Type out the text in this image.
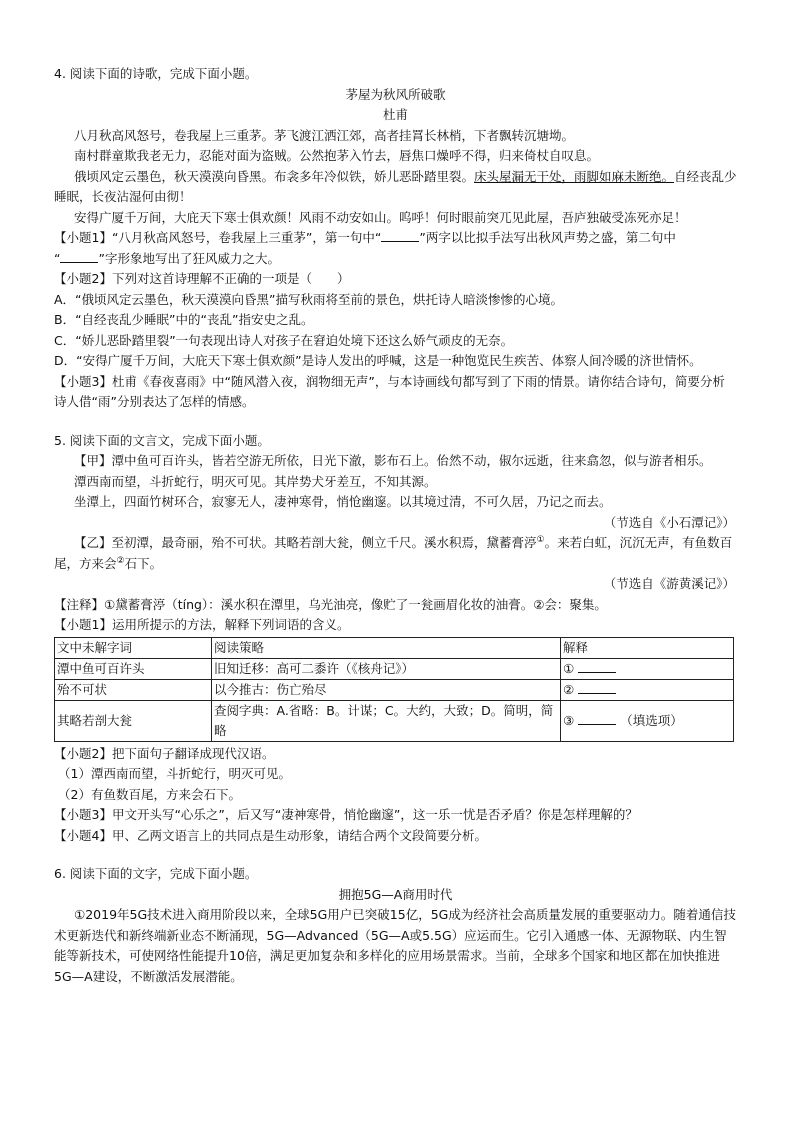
4. 阅读下面的诗歌，完成下面小题。

茅屋为秋风所破歌

杜甫

八月秋高风怒号，卷我屋上三重茅。茅飞渡江洒江郊，高者挂罥长林梢，下者飘转沉塘坳。

南村群童欺我老无力，忍能对面为盗贼。公然抱茅入竹去，唇焦口燥呼不得，归来倚杖自叹息。

俄顷风定云墨色，秋天漠漠向昏黑。布衾多年冷似铁，娇儿恶卧踏里裂。床头屋漏无干处，雨脚如麻未断绝。自经丧乱少睡眠，长夜沾湿何由彻！

安得广厦千万间，大庇天下寒士俱欢颜！风雨不动安如山。呜呼！何时眼前突兀见此屋，吾庐独破受冻死亦足！

【小题1】“八月秋高风怒号，卷我屋上三重茅”，第一句中“	”两字以比拟手法写出秋风声势之盛，第二句中
“	”字形象地写出了狂风威力之大。

【小题2】下列对这首诗理解不正确的一项是（　　）

A．“俄顷风定云墨色，秋天漠漠向昏黑”描写秋雨将至前的景色，烘托诗人暗淡惨惨的心境。

B．“自经丧乱少睡眠”中的“丧乱”指安史之乱。

C．“娇儿恶卧踏里裂”一句表现出诗人对孩子在窘迫处境下还这么娇气顽皮的无奈。

D．“安得广厦千万间，大庇天下寒士俱欢颜”是诗人发出的呼喊，这是一种饱览民生疾苦、体察人间冷暖的济世情怀。

【小题3】杜甫《春夜喜雨》中“随风潜入夜，润物细无声”，与本诗画线句都写到了下雨的情景。请你结合诗句，简要分析诗人借“雨”分别表达了怎样的情感。

5. 阅读下面的文言文，完成下面小题。

【甲】潭中鱼可百许头，皆若空游无所依，日光下澈，影布石上。佁然不动，俶尔远逝，往来翕忽，似与游者相乐。

潭西南而望，斗折蛇行，明灭可见。其岸势犬牙差互，不知其源。

坐潭上，四面竹树环合，寂寥无人，凄神寒骨，悄怆幽邃。以其境过清，不可久居，乃记之而去。

（节选自《小石潭记》）

【乙】至初潭，最奇丽，殆不可状。其略若剖大瓮，侧立千尺。溪水积焉，黛蓄膏渟①。来若白虹，沉沉无声，有鱼数百尾，方来会②石下。

（节选自《游黄溪记》）

【注释】①黛蓄膏渟（tíng）：溪水积在潭里，乌光油亮，像贮了一瓮画眉化妆的油膏。②会：聚集。

【小题1】运用所提示的方法，解释下列词语的含义。

文中未解字词	阅读策略	解释
潭中鱼可百许头	旧知迁移：高可二黍许（《核舟记》）	①
殆不可状	以今推古：伤亡殆尽	②
其略若剖大瓮	查阅字典：A.省略：B。计谋；C。大约，大致；D。简明，简略	③ （填选项）

【小题2】把下面句子翻译成现代汉语。

（1）潭西南而望，斗折蛇行，明灭可见。

（2）有鱼数百尾，方来会石下。

【小题3】甲文开头写“心乐之”，后又写“凄神寒骨，悄怆幽邃”，这一乐一忧是否矛盾？你是怎样理解的？

【小题4】甲、乙两文语言上的共同点是生动形象，请结合两个文段简要分析。

6. 阅读下面的文字，完成下面小题。

拥抱5G—A商用时代

①2019年5G技术进入商用阶段以来，全球5G用户已突破15亿，5G成为经济社会高质量发展的重要驱动力。随着通信技术更新迭代和新终端新业态不断涌现，5G—Advanced（5G—A或5.5G）应运而生。它引入通感一体、无源物联、内生智能等新技术，可使网络性能提升10倍，满足更加复杂和多样化的应用场景需求。当前，全球多个国家和地区都在加快推进5G—A建设，不断激活发展潜能。
